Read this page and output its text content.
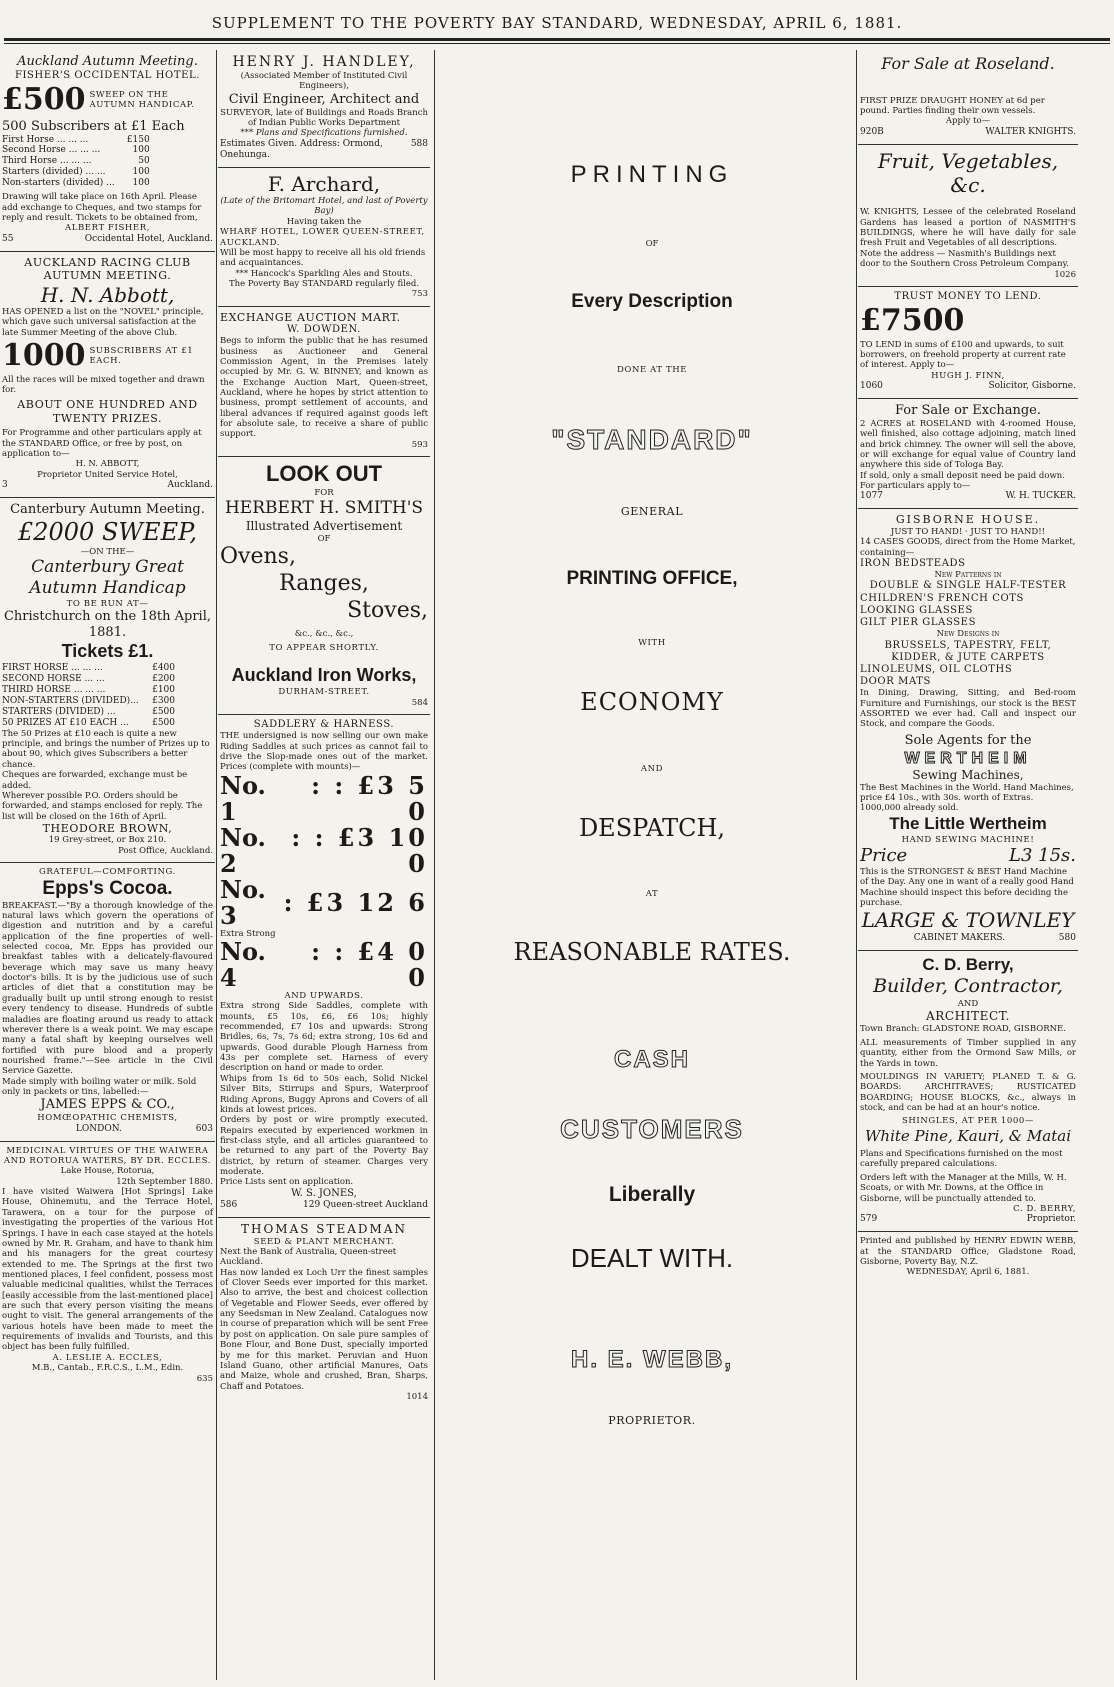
SUPPLEMENT TO THE POVERTY BAY STANDARD, WEDNESDAY, APRIL 6, 1881.
Auckland Autumn Meeting.
FISHER'S OCCIDENTAL HOTEL.
£500 SWEEP ON THE AUTUMN HANDICAP.
500 Subscribers at £1 Each
First Horse ... ... ...	£150
Second Horse ... ... ...	100
Third Horse ... ... ...	50
Starters (divided) ... ...	100
Non-starters (divided) ...	100
Drawing will take place on 16th April. Please add exchange to Cheques, and two stamps for reply and result. Tickets to be obtained from,
ALBERT FISHER,
55	Occidental Hotel, Auckland.
AUCKLAND RACING CLUB AUTUMN MEETING.
H. N. Abbott,
HAS OPENED a list on the "NOVEL" principle, which gave such universal satisfaction at the late Summer Meeting of the above Club.
1000 SUBSCRIBERS AT £1 EACH.
All the races will be mixed together and drawn for.
ABOUT ONE HUNDRED AND TWENTY PRIZES.
For Programme and other particulars apply at the STANDARD Office, or free by post, on application to—
H. N. ABBOTT,
Proprietor United Service Hotel,
3	Auckland.
Canterbury Autumn Meeting.
£2000 SWEEP,
—ON THE—
Canterbury Great Autumn Handicap
TO BE RUN AT—
Christchurch on the 18th April, 1881.
Tickets £1.
FIRST HORSE ... ... ...	£400
SECOND HORSE ... ...	£200
THIRD HORSE ... ... ...	£100
NON-STARTERS (DIVIDED)...	£300
STARTERS (DIVIDED) ...	£500
50 PRIZES AT £10 EACH ...	£500
The 50 Prizes at £10 each is quite a new principle, and brings the number of Prizes up to about 90, which gives Subscribers a better chance.
Cheques are forwarded, exchange must be added.
Wherever possible P.O. Orders should be forwarded, and stamps enclosed for reply. The list will be closed on the 16th of April.
THEODORE BROWN,
19 Grey-street, or Box 210.
Post Office, Auckland.
GRATEFUL—COMFORTING.
Epps's Cocoa.
BREAKFAST.—"By a thorough knowledge of the natural laws which govern the operations of digestion and nutrition and by a careful application of the fine properties of well-selected cocoa, Mr. Epps has provided our breakfast tables with a delicately-flavoured beverage which may save us many heavy doctor's bills. It is by the judicious use of such articles of diet that a constitution may be gradually built up until strong enough to resist every tendency to disease. Hundreds of subtle maladies are floating around us ready to attack wherever there is a weak point. We may escape many a fatal shaft by keeping ourselves well fortified with pure blood and a properly nourished frame."—See article in the Civil Service Gazette.
Made simply with boiling water or milk. Sold only in packets or tins, labelled:—
JAMES EPPS & CO.,
HOMŒOPATHIC CHEMISTS,
LONDON.	603
MEDICINAL VIRTUES OF THE WAIWERA AND ROTORUA WATERS, BY DR. ECCLES.
Lake House, Rotorua,
12th September 1880.
I have visited Waiwera [Hot Springs] Lake House, Ohinemutu, and the Terrace Hotel, Tarawera, on a tour for the purpose of investigating the properties of the various Hot Springs. I have in each case stayed at the hotels owned by Mr. R. Graham, and have to thank him and his managers for the great courtesy extended to me. The Springs at the first two mentioned places, I feel confident, possess most valuable medicinal qualities, whilst the Terraces [easily accessible from the last-mentioned place] are such that every person visiting the means ought to visit. The general arrangements of the various hotels have been made to meet the requirements of invalids and Tourists, and this object has been fully fulfilled.
A. LESLIE A. ECCLES,
M.B., Cantab., F.R.C.S., L.M., Edin.
635
HENRY J. HANDLEY,
(Associated Member of Instituted Civil Engineers),
Civil Engineer, Architect and
SURVEYOR, late of Buildings and Roads Branch of Indian Public Works Department
*** Plans and Specifications furnished.
Estimates Given. Address: Ormond, Onehunga.
588
F. Archard,
(Late of the Britomart Hotel, and last of Poverty Bay)
Having taken the
WHARF HOTEL, LOWER QUEEN-STREET, AUCKLAND.
Will be most happy to receive all his old friends and acquaintances.
*** Hancock's Sparkling Ales and Stouts.
The Poverty Bay STANDARD regularly filed.
753
EXCHANGE AUCTION MART.
W. DOWDEN.
Begs to inform the public that he has resumed business as Auctioneer and General Commission Agent, in the Premises lately occupied by Mr. G. W. BINNEY, and known as the Exchange Auction Mart, Queen-street, Auckland, where he hopes by strict attention to business, prompt settlement of accounts, and liberal advances if required against goods left for absolute sale, to receive a share of public support.
593
LOOK OUT
FOR
HERBERT H. SMITH'S
Illustrated Advertisement
OF
Ovens,
Ranges,
Stoves,
&c., &c., &c.,
TO APPEAR SHORTLY.
Auckland Iron Works,
DURHAM-STREET.
584
SADDLERY & HARNESS.
THE undersigned is now selling our own make Riding Saddles at such prices as cannot fail to drive the Slop-made ones out of the market. Prices (complete with mounts)—
No. 1
: : £3 5 0
No. 2
: : £3 10 0
No. 3	: £3 12 6
Extra Strong
No. 4
: : £4 0 0
AND UPWARDS.
Extra strong Side Saddles, complete with mounts, £5 10s, £6, £6 10s; highly recommended, £7 10s and upwards: Strong Bridles, 6s, 7s, 7s 6d; extra strong, 10s 6d and upwards. Good durable Plough Harness from 43s per complete set. Harness of every description on hand or made to order.
Whips from 1s 6d to 50s each, Solid Nickel Silver Bits, Stirrups and Spurs, Waterproof Riding Aprons, Buggy Aprons and Covers of all kinds at lowest prices.
Orders by post or wire promptly executed. Repairs executed by experienced workmen in first-class style, and all articles guaranteed to be returned to any part of the Poverty Bay district, by return of steamer. Charges very moderate.
Price Lists sent on application.
W. S. JONES,
586	129 Queen-street Auckland
THOMAS STEADMAN
SEED & PLANT MERCHANT.
Next the Bank of Australia, Queen-street Auckland.
Has now landed ex Loch Urr the finest samples of Clover Seeds ever imported for this market. Also to arrive, the best and choicest collection of Vegetable and Flower Seeds, ever offered by any Seedsman in New Zealand. Catalogues now in course of preparation which will be sent Free by post on application. On sale pure samples of Bone Flour, and Bone Dust, specially imported by me for this market. Peruvian and Huon Island Guano, other artificial Manures, Oats and Maize, whole and crushed, Bran, Sharps, Chaff and Potatoes.
1014
PRINTING
OF
Every Description
DONE AT THE
"STANDARD"
GENERAL
PRINTING OFFICE,
WITH
ECONOMY
AND
DESPATCH,
AT
REASONABLE RATES.
CASH
CUSTOMERS
Liberally
DEALT WITH.
H. E. WEBB,
PROPRIETOR.
For Sale at Roseland.
FIRST PRIZE DRAUGHT HONEY at 6d per pound. Parties finding their own vessels.
Apply to—
920B	WALTER KNIGHTS.
Fruit, Vegetables, &c.
W. KNIGHTS, Lessee of the celebrated Roseland Gardens has leased a portion of NASMITH'S BUILDINGS, where he will have daily for sale fresh Fruit and Vegetables of all descriptions.
Note the address — Nasmith's Buildings next door to the Southern Cross Petroleum Company.
1026
TRUST MONEY TO LEND.
£7500
TO LEND in sums of £100 and upwards, to suit borrowers, on freehold property at current rate of interest. Apply to—
HUGH J. FINN,
1060	Solicitor, Gisborne.
For Sale or Exchange.
2 ACRES at ROSELAND with 4-roomed House, well finished, also cottage adjoining, match lined and brick chimney. The owner will sell the above, or will exchange for equal value of Country land anywhere this side of Tologa Bay.
If sold, only a small deposit need be paid down.
For particulars apply to—
1077	W. H. TUCKER.
GISBORNE HOUSE.
JUST TO HAND! · JUST TO HAND!!
14 CASES GOODS, direct from the Home Market, containing—
IRON BEDSTEADS
New Patterns in
DOUBLE & SINGLE HALF-TESTER
CHILDREN'S FRENCH COTS
LOOKING GLASSES
GILT PIER GLASSES
New Designs in
BRUSSELS, TAPESTRY, FELT,
KIDDER, & JUTE CARPETS
LINOLEUMS, OIL CLOTHS
DOOR MATS
In Dining, Drawing, Sitting, and Bed-room Furniture and Furnishings, our stock is the BEST ASSORTED we ever had. Call and inspect our Stock, and compare the Goods.
Sole Agents for the
WERTHEIM
Sewing Machines,
The Best Machines in the World. Hand Machines, price £4 10s., with 30s. worth of Extras. 1000,000 already sold.
The Little Wertheim
HAND SEWING MACHINE!
Price	L3 15s.
This is the STRONGEST & BEST Hand Machine of the Day. Any one in want of a really good Hand Machine should inspect this before deciding the purchase.
LARGE & TOWNLEY
CABINET MAKERS.	580
C. D. Berry,
Builder, Contractor,
AND
ARCHITECT.
Town Branch: GLADSTONE ROAD, GISBORNE.
ALL measurements of Timber supplied in any quantity, either from the Ormond Saw Mills, or the Yards in town.
MOULDINGS IN VARIETY; PLANED T. & G. BOARDS: ARCHITRAVES; RUSTICATED BOARDING; HOUSE BLOCKS, &c., always in stock, and can be had at an hour's notice.
SHINGLES, AT PER 1000—
White Pine, Kauri, & Matai
Plans and Specifications furnished on the most carefully prepared calculations.
Orders left with the Manager at the Mills, W. H. Scoats, or with Mr. Downs, at the Office in Gisborne, will be punctually attended to.
C. D. BERRY,
579	Proprietor.
Printed and published by HENRY EDWIN WEBB, at the STANDARD Office, Gladstone Road, Gisborne, Poverty Bay, N.Z.
WEDNESDAY, April 6, 1881.
